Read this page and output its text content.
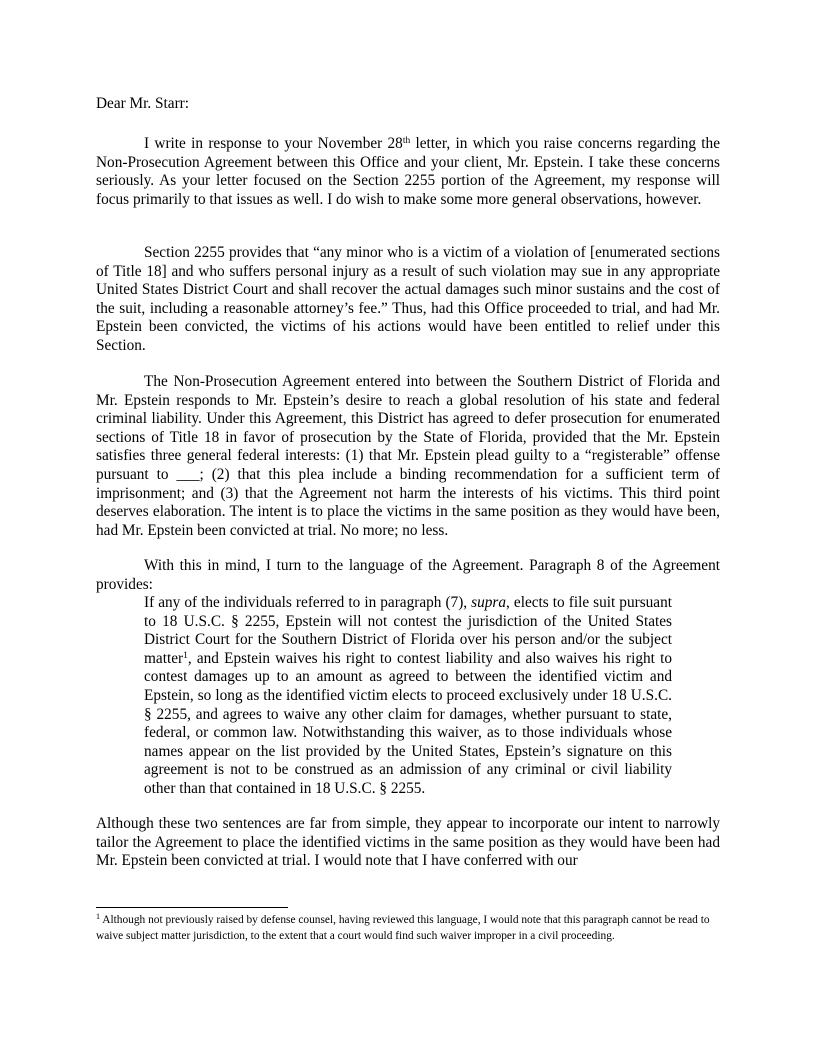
Dear Mr. Starr:

I write in response to your November 28th letter, in which you raise concerns regarding the Non-Prosecution Agreement between this Office and your client, Mr. Epstein. I take these concerns seriously. As your letter focused on the Section 2255 portion of the Agreement, my response will focus primarily to that issues as well. I do wish to make some more general observations, however.

Section 2255 provides that “any minor who is a victim of a violation of [enumerated sections of Title 18] and who suffers personal injury as a result of such violation may sue in any appropriate United States District Court and shall recover the actual damages such minor sustains and the cost of the suit, including a reasonable attorney’s fee.” Thus, had this Office proceeded to trial, and had Mr. Epstein been convicted, the victims of his actions would have been entitled to relief under this Section.

The Non-Prosecution Agreement entered into between the Southern District of Florida and Mr. Epstein responds to Mr. Epstein’s desire to reach a global resolution of his state and federal criminal liability. Under this Agreement, this District has agreed to defer prosecution for enumerated sections of Title 18 in favor of prosecution by the State of Florida, provided that the Mr. Epstein satisfies three general federal interests: (1) that Mr. Epstein plead guilty to a “registerable” offense pursuant to ___; (2) that this plea include a binding recommendation for a sufficient term of imprisonment; and (3) that the Agreement not harm the interests of his victims. This third point deserves elaboration. The intent is to place the victims in the same position as they would have been, had Mr. Epstein been convicted at trial. No more; no less.

With this in mind, I turn to the language of the Agreement. Paragraph 8 of the Agreement provides:

If any of the individuals referred to in paragraph (7), supra, elects to file suit pursuant to 18 U.S.C. § 2255, Epstein will not contest the jurisdiction of the United States District Court for the Southern District of Florida over his person and/or the subject matter$^1$, and Epstein waives his right to contest liability and also waives his right to contest damages up to an amount as agreed to between the identified victim and Epstein, so long as the identified victim elects to proceed exclusively under 18 U.S.C. § 2255, and agrees to waive any other claim for damages, whether pursuant to state, federal, or common law. Notwithstanding this waiver, as to those individuals whose names appear on the list provided by the United States, Epstein’s signature on this agreement is not to be construed as an admission of any criminal or civil liability other than that contained in 18 U.S.C. § 2255.

Although these two sentences are far from simple, they appear to incorporate our intent to narrowly tailor the Agreement to place the identified victims in the same position as they would have been had Mr. Epstein been convicted at trial. I would note that I have conferred with our

$^1$ Although not previously raised by defense counsel, having reviewed this language, I would note that this paragraph cannot be read to waive subject matter jurisdiction, to the extent that a court would find such waiver improper in a civil proceeding.
